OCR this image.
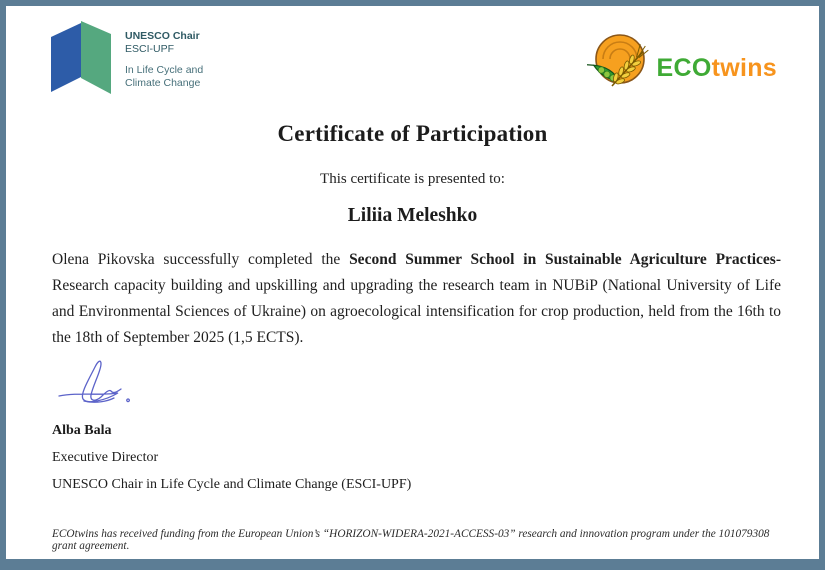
UNESCO Chair
ESCI-UPF
In Life Cycle and
Climate Change
ECOtwins
Certificate of Participation

This certificate is presented to:

Liliia Meleshko

Olena Pikovska successfully completed the Second Summer School in Sustainable Agriculture Practices- Research capacity building and upskilling and upgrading the research team in NUBiP (National University of Life and Environmental Sciences of Ukraine) on agroecological intensification for crop production, held from the 16th to the 18th of September 2025 (1,5 ECTS).

Alba Bala
Executive Director
UNESCO Chair in Life Cycle and Climate Change (ESCI-UPF)
ECOtwins has received funding from the European Union’s “HORIZON-WIDERA-2021-ACCESS-03” research and innovation program under the 101079308 grant agreement.
